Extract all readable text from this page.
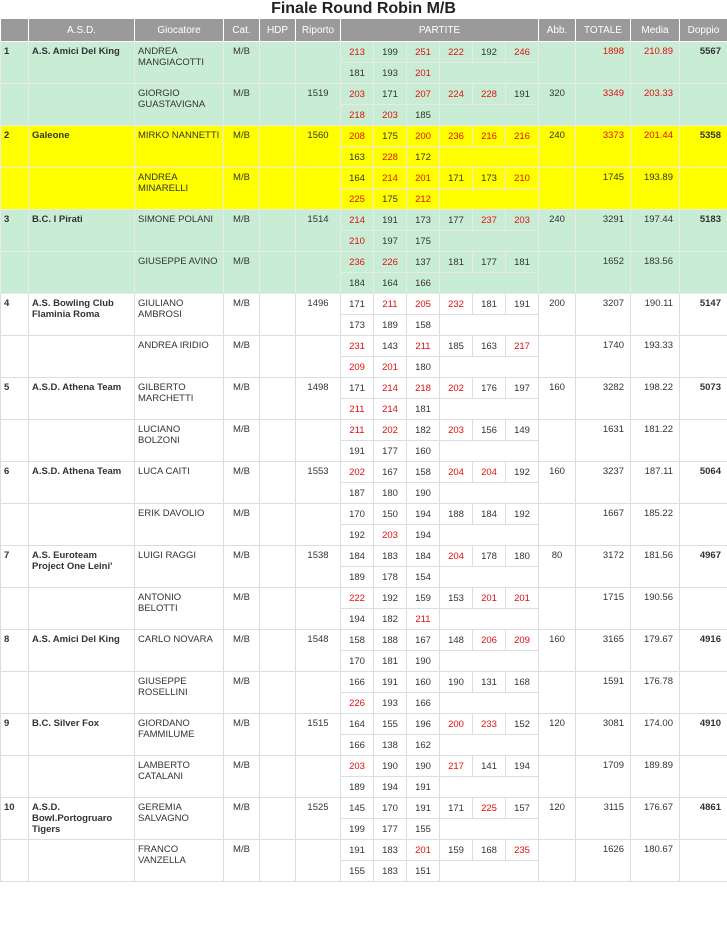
Finale Round Robin M/B
	A.S.D.	Giocatore	Cat.	HDP	Riporto	PARTITE						Abb.	TOTALE	Media	Doppio
1	A.S. Amici Del King	ANDREA MANGIACOTTI	M/B			213	199	251	222	192	246		1898	210.89	5567
						181	193	201							
		GIORGIO GUASTAVIGNA	M/B		1519	203	171	207	224	228	191	320	3349	203.33	
						218	203	185							
2	Galeone	MIRKO NANNETTI	M/B		1560	208	175	200	236	216	216	240	3373	201.44	5358
						163	228	172							
		ANDREA MINARELLI	M/B			164	214	201	171	173	210		1745	193.89	
						225	175	212							
3	B.C. I Pirati	SIMONE POLANI	M/B		1514	214	191	173	177	237	203	240	3291	197.44	5183
						210	197	175							
		GIUSEPPE AVINO	M/B			236	226	137	181	177	181		1652	183.56	
						184	164	166							
4	A.S. Bowling Club Flaminia Roma	GIULIANO AMBROSI	M/B		1496	171	211	205	232	181	191	200	3207	190.11	5147
						173	189	158							
		ANDREA IRIDIO	M/B			231	143	211	185	163	217		1740	193.33	
						209	201	180							
5	A.S.D. Athena Team	GILBERTO MARCHETTI	M/B		1498	171	214	218	202	176	197	160	3282	198.22	5073
						211	214	181							
		LUCIANO BOLZONI	M/B			211	202	182	203	156	149		1631	181.22	
						191	177	160							
6	A.S.D. Athena Team	LUCA CAITI	M/B		1553	202	167	158	204	204	192	160	3237	187.11	5064
						187	180	190							
		ERIK DAVOLIO	M/B			170	150	194	188	184	192		1667	185.22	
						192	203	194							
7	A.S. Euroteam Project One Leini'	LUIGI RAGGI	M/B		1538	184	183	184	204	178	180	80	3172	181.56	4967
						189	178	154							
		ANTONIO BELOTTI	M/B			222	192	159	153	201	201		1715	190.56	
						194	182	211							
8	A.S. Amici Del King	CARLO NOVARA	M/B		1548	158	188	167	148	206	209	160	3165	179.67	4916
						170	181	190							
		GIUSEPPE ROSELLINI	M/B			166	191	160	190	131	168		1591	176.78	
						226	193	166							
9	B.C. Silver Fox	GIORDANO FAMMILUME	M/B		1515	164	155	196	200	233	152	120	3081	174.00	4910
						166	138	162							
		LAMBERTO CATALANI	M/B			203	190	190	217	141	194		1709	189.89	
						189	194	191							
10	A.S.D. Bowl.Portogruaro Tigers	GEREMIA SALVAGNO	M/B		1525	145	170	191	171	225	157	120	3115	176.67	4861
						199	177	155							
		FRANCO VANZELLA	M/B			191	183	201	159	168	235		1626	180.67	
						155	183	151							
